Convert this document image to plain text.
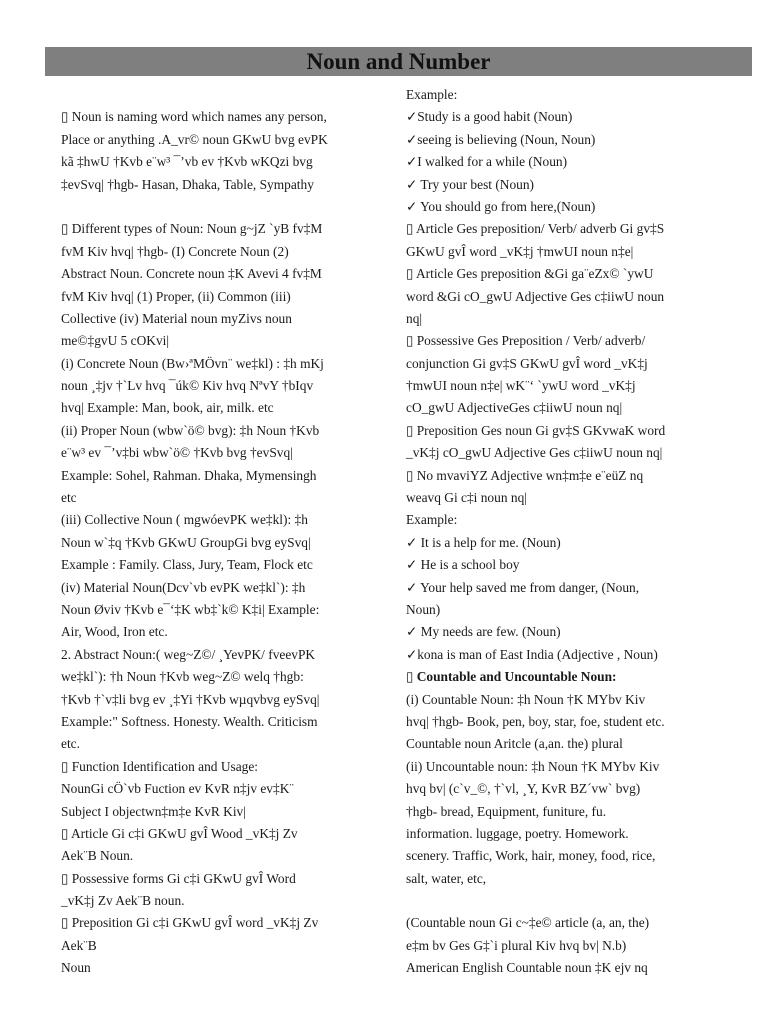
Noun and Number
▯ Noun is naming word which names any person,
Place or anything .A_vr© noun GKwU bvg evPK
kã ‡hwU †Kvb e¨w³ ¯’vb ev †Kvb wKQzi bvg
‡evSvq| †hgb- Hasan, Dhaka, Table, Sympathy
▯ Different types of Noun: Noun g~jZ `yB fv‡M
fvM Kiv hvq| †hgb- (I) Concrete Noun (2)
Abstract Noun. Concrete noun ‡K Avevi 4 fv‡M
fvM Kiv hvq| (1) Proper, (ii) Common (iii)
Collective (iv) Material noun myZivs noun
me©‡gvU 5 cOKvi|
(i) Concrete Noun (Bw›ªMÖvn¨ we‡kl) : ‡h mKj
noun ¸‡jv †`Lv hvq ¯úk© Kiv hvq NªvY †bIqv
hvq| Example: Man, book, air, milk. etc
(ii) Proper Noun (wbw`ö© bvg): ‡h Noun †Kvb
e¨w³ ev ¯’v‡bi wbw`ö© †Kvb bvg †evSvq|
Example: Sohel, Rahman. Dhaka, Mymensingh
etc
(iii) Collective Noun ( mgwóevPK we‡kl): ‡h
Noun w`‡q †Kvb GKwU GroupGi bvg eySvq|
Example : Family. Class, Jury, Team, Flock etc
(iv) Material Noun(Dcv`vb evPK we‡kl`): ‡h
Noun Øviv †Kvb e¯‘‡K wb‡`k© K‡i| Example:
Air, Wood, Iron etc.
2. Abstract Noun:( weg~Z©/ ¸YevPK/ fveevPK
we‡kl`): †h Noun †Kvb weg~Z© welq †hgb:
†Kvb †`v‡li bvg ev ¸‡Yi †Kvb wµqvbvg eySvq|
Example:" Softness. Honesty. Wealth. Criticism
etc.
▯ Function Identification and Usage:
NounGi cÖ`vb Fuction ev KvR n‡jv ev‡K¨
Subject I objectwn‡m‡e KvR Kiv|
▯ Article Gi c‡i GKwU gvÎ Wood _vK‡j Zv
Aek¨B Noun.
▯ Possessive forms Gi c‡i GKwU gvÎ Word
_vK‡j Zv Aek¨B noun.
▯ Preposition Gi c‡i GKwU gvÎ word _vK‡j Zv
Aek¨B
Noun
Example:
✓Study is a good habit (Noun)
✓seeing is believing (Noun, Noun)
✓I walked for a while (Noun)
✓ Try your best (Noun)
✓ You should go from here,(Noun)
▯ Article Ges preposition/ Verb/ adverb Gi gv‡S
GKwU gvÎ word _vK‡j †mwUI noun n‡e|
▯ Article Ges preposition &Gi ga¨eZx© `ywU
word &Gi cO_gwU Adjective Ges c‡iiwU noun
nq|
▯ Possessive Ges Preposition / Verb/ adverb/
conjunction Gi gv‡S GKwU gvÎ word _vK‡j
†mwUI noun n‡e| wK¨‘ `ywU word _vK‡j
cO_gwU AdjectiveGes c‡iiwU noun nq|
▯ Preposition Ges noun Gi gv‡S GKvwaK word
_vK‡j cO_gwU Adjective Ges c‡iiwU noun nq|
▯ No mvaviYZ Adjective wn‡m‡e e¨eüZ nq
weavq Gi c‡i noun nq|
Example:
✓ It is a help for me. (Noun)
✓ He is a school boy
✓ Your help saved me from danger, (Noun,
Noun)
✓ My needs are few. (Noun)
✓kona is man of East India (Adjective , Noun)
▯ Countable and Uncountable Noun:
(i) Countable Noun: ‡h Noun †K MYbv Kiv
hvq| †hgb- Book, pen, boy, star, foe, student etc.
Countable noun Aritcle (a,an. the) plural
(ii) Uncountable noun: ‡h Noun †K MYbv Kiv
hvq bv| (c`v_©, †`vl, ¸Y, KvR BZ´vw` bvg)
†hgb- bread, Equipment, funiture, fu.
information. luggage, poetry. Homework.
scenery. Traffic, Work, hair, money, food, rice,
salt, water, etc,
(Countable noun Gi c~‡e© article (a, an, the)
e‡m bv Ges G‡`i plural Kiv hvq bv| N.b)
American English Countable noun ‡K ejv nq
